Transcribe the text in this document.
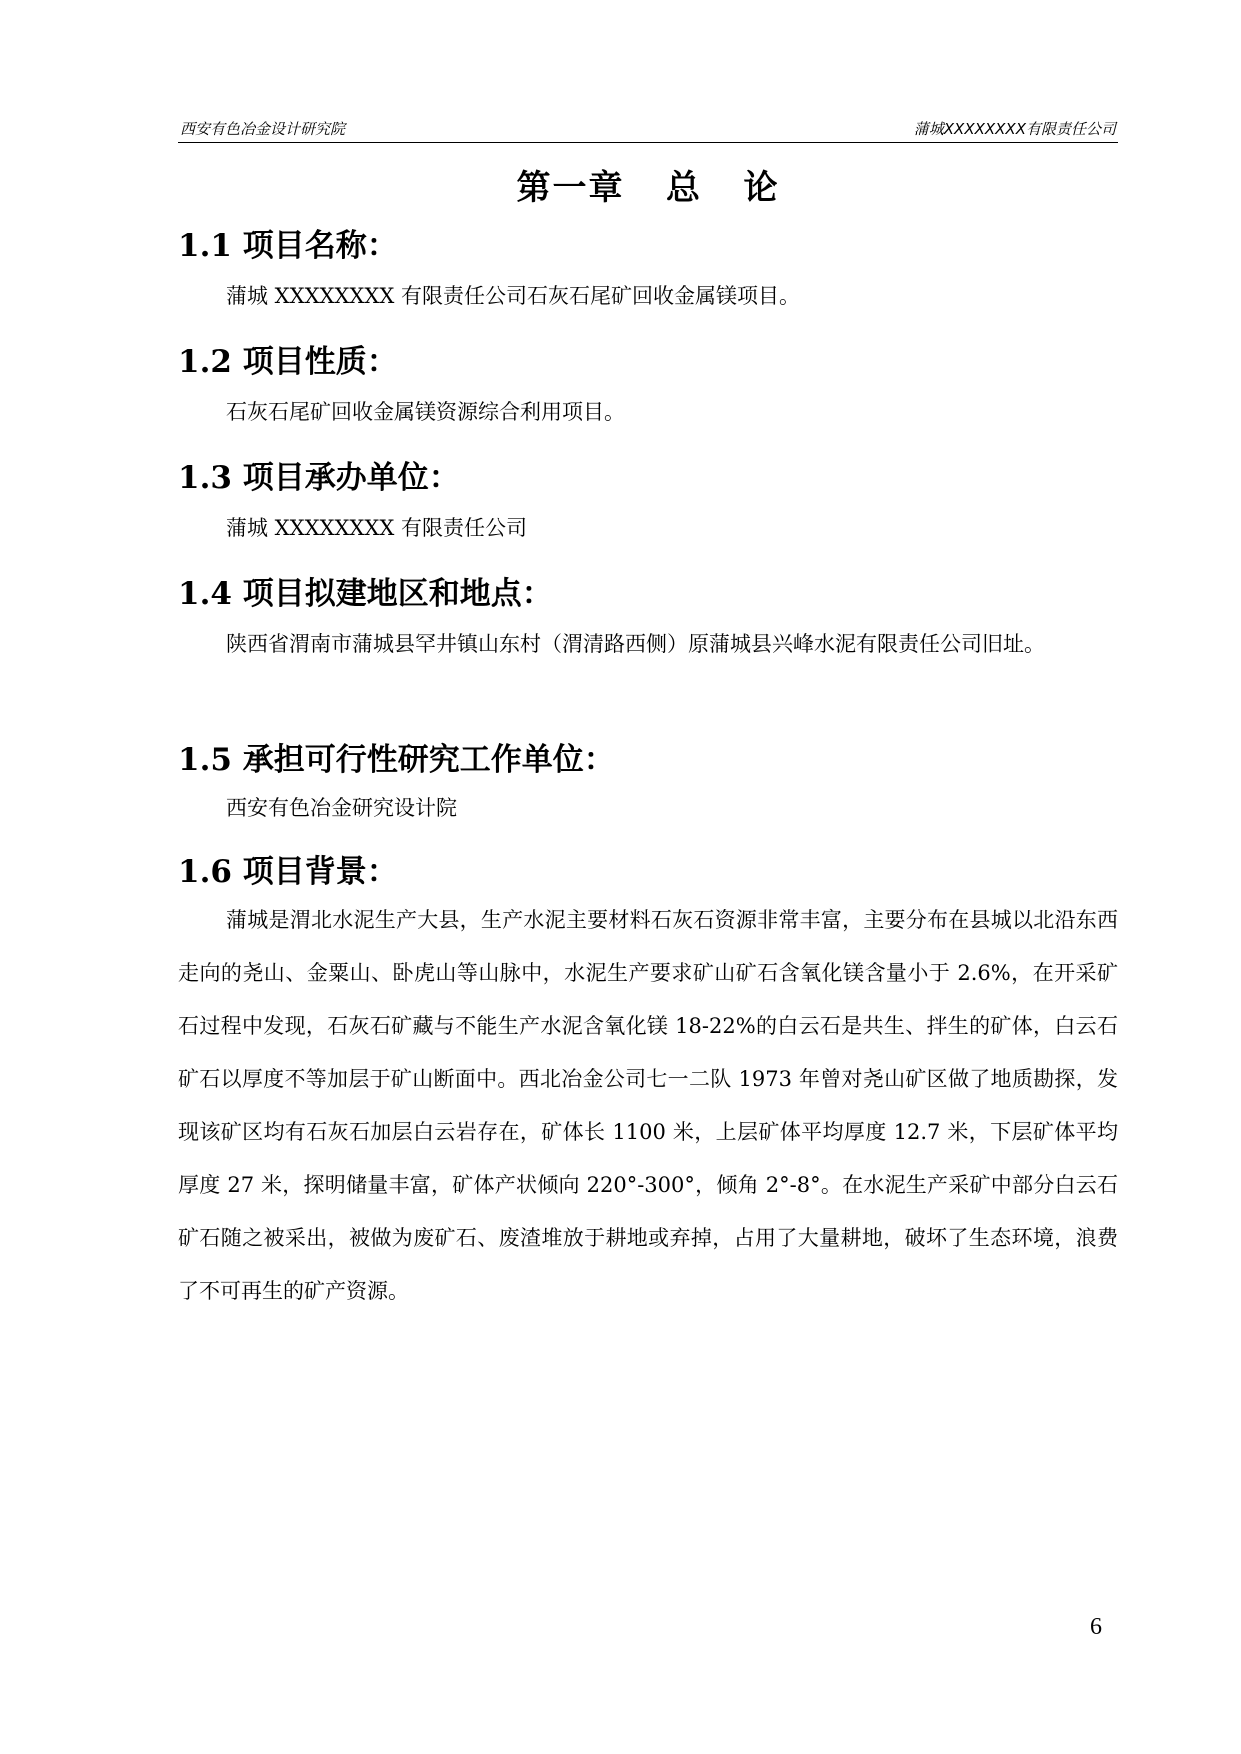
西安有色冶金设计研究院	蒲城XXXXXXXX有限责任公司
第一章   总   论
1.1 项目名称：
蒲城 XXXXXXXX 有限责任公司石灰石尾矿回收金属镁项目。
1.2 项目性质：
石灰石尾矿回收金属镁资源综合利用项目。
1.3 项目承办单位：
蒲城 XXXXXXXX 有限责任公司
1.4 项目拟建地区和地点：
陕西省渭南市蒲城县罕井镇山东村（渭清路西侧）原蒲城县兴峰水泥有限责任公司旧址。
1.5 承担可行性研究工作单位：
西安有色冶金研究设计院
1.6 项目背景：
蒲城是渭北水泥生产大县，生产水泥主要材料石灰石资源非常丰富，主要分布在县城以北沿东西走向的尧山、金粟山、卧虎山等山脉中，水泥生产要求矿山矿石含氧化镁含量小于 2.6%，在开采矿石过程中发现，石灰石矿藏与不能生产水泥含氧化镁 18-22%的白云石是共生、拌生的矿体，白云石矿石以厚度不等加层于矿山断面中。西北冶金公司七一二队 1973 年曾对尧山矿区做了地质勘探，发现该矿区均有石灰石加层白云岩存在，矿体长 1100 米，上层矿体平均厚度 12.7 米，下层矿体平均厚度 27 米，探明储量丰富，矿体产状倾向 220°-300°，倾角 2°-8°。在水泥生产采矿中部分白云石矿石随之被采出，被做为废矿石、废渣堆放于耕地或弃掉，占用了大量耕地，破坏了生态环境，浪费了不可再生的矿产资源。
6
